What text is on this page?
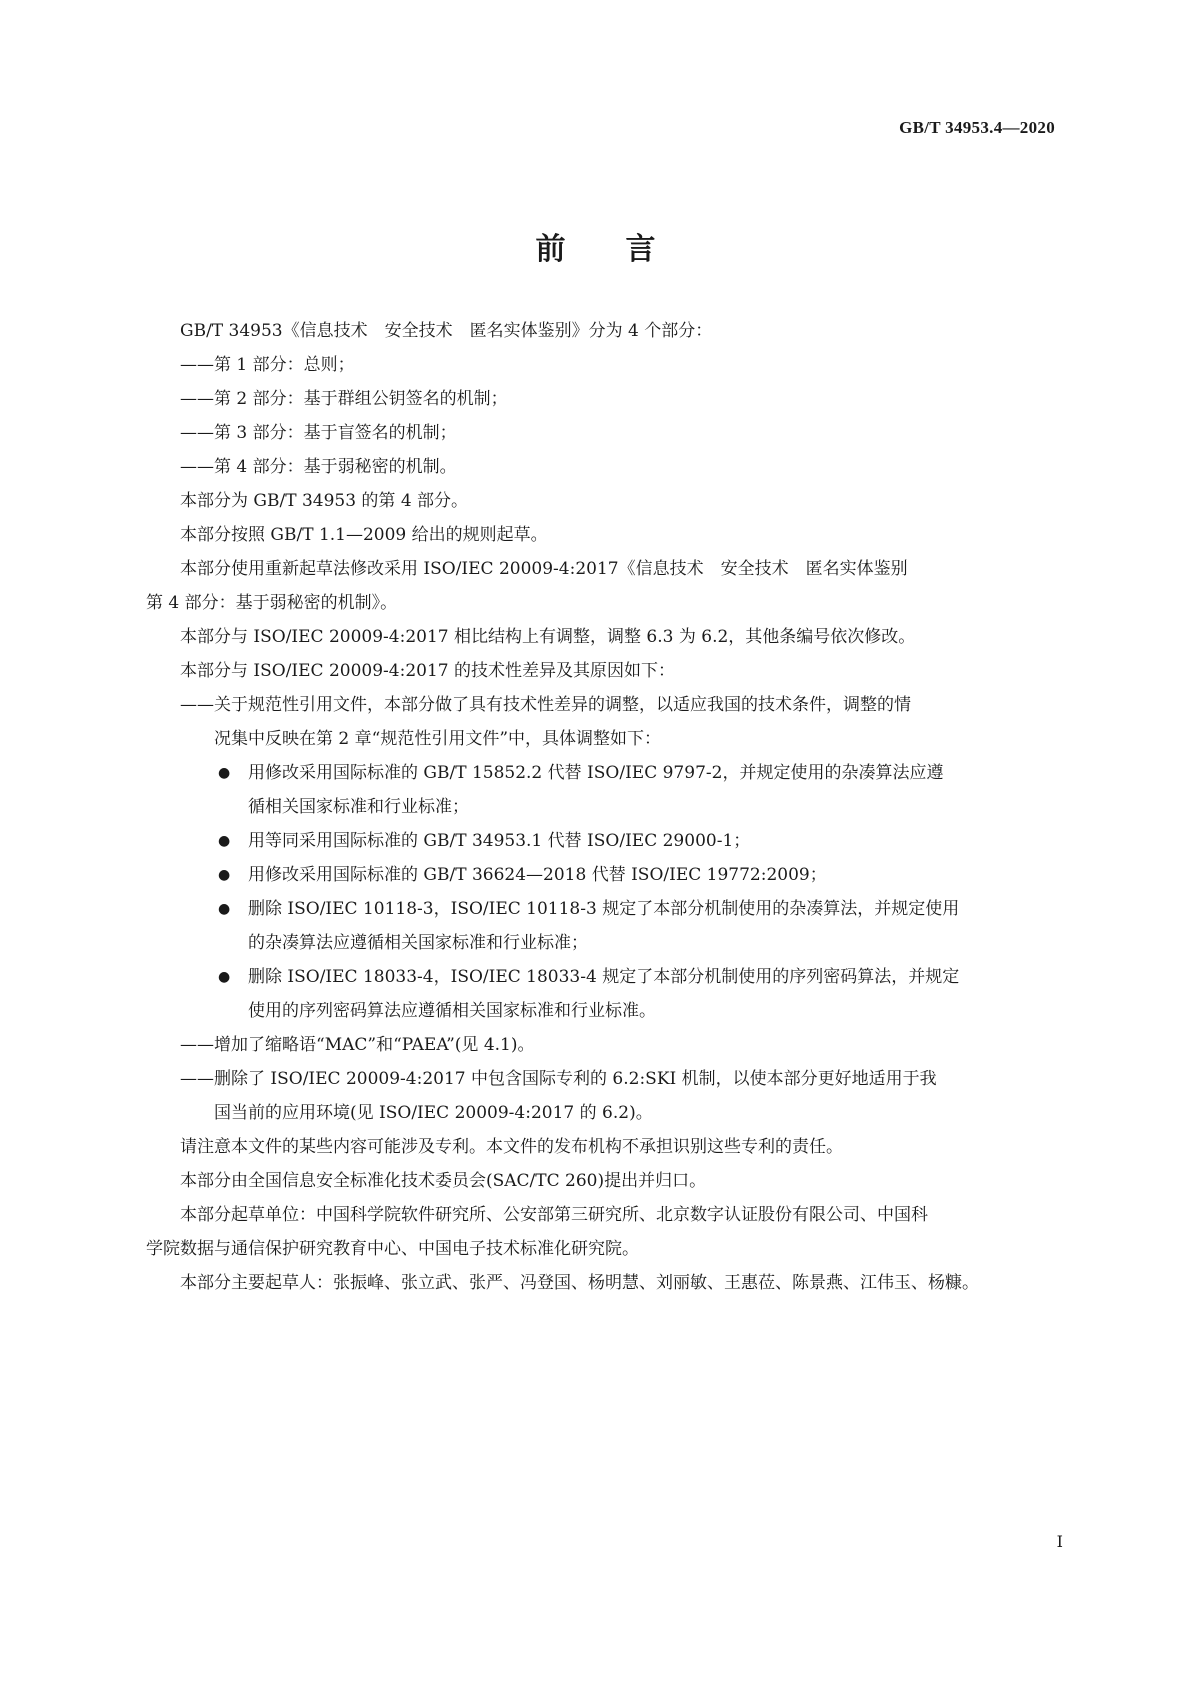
GB/T 34953.4—2020
前　　言
GB/T 34953《信息技术　安全技术　匿名实体鉴别》分为 4 个部分：
——第 1 部分：总则；
——第 2 部分：基于群组公钥签名的机制；
——第 3 部分：基于盲签名的机制；
——第 4 部分：基于弱秘密的机制。
本部分为 GB/T 34953 的第 4 部分。
本部分按照 GB/T 1.1—2009 给出的规则起草。
本部分使用重新起草法修改采用 ISO/IEC 20009-4:2017《信息技术　安全技术　匿名实体鉴别
第 4 部分：基于弱秘密的机制》。
本部分与 ISO/IEC 20009-4:2017 相比结构上有调整，调整 6.3 为 6.2，其他条编号依次修改。
本部分与 ISO/IEC 20009-4:2017 的技术性差异及其原因如下：
——关于规范性引用文件，本部分做了具有技术性差异的调整，以适应我国的技术条件，调整的情
况集中反映在第 2 章“规范性引用文件”中，具体调整如下：
● 用修改采用国际标准的 GB/T 15852.2 代替 ISO/IEC 9797-2，并规定使用的杂凑算法应遵
循相关国家标准和行业标准；
● 用等同采用国际标准的 GB/T 34953.1 代替 ISO/IEC 29000-1；
● 用修改采用国际标准的 GB/T 36624—2018 代替 ISO/IEC 19772:2009；
● 删除 ISO/IEC 10118-3，ISO/IEC 10118-3 规定了本部分机制使用的杂凑算法，并规定使用
的杂凑算法应遵循相关国家标准和行业标准；
● 删除 ISO/IEC 18033-4，ISO/IEC 18033-4 规定了本部分机制使用的序列密码算法，并规定
使用的序列密码算法应遵循相关国家标准和行业标准。
——增加了缩略语“MAC”和“PAEA”(见 4.1)。
——删除了 ISO/IEC 20009-4:2017 中包含国际专利的 6.2:SKI 机制，以使本部分更好地适用于我
国当前的应用环境(见 ISO/IEC 20009-4:2017 的 6.2)。
请注意本文件的某些内容可能涉及专利。本文件的发布机构不承担识别这些专利的责任。
本部分由全国信息安全标准化技术委员会(SAC/TC 260)提出并归口。
本部分起草单位：中国科学院软件研究所、公安部第三研究所、北京数字认证股份有限公司、中国科
学院数据与通信保护研究教育中心、中国电子技术标准化研究院。
本部分主要起草人：张振峰、张立武、张严、冯登国、杨明慧、刘丽敏、王惠莅、陈景燕、江伟玉、杨糠。
I
